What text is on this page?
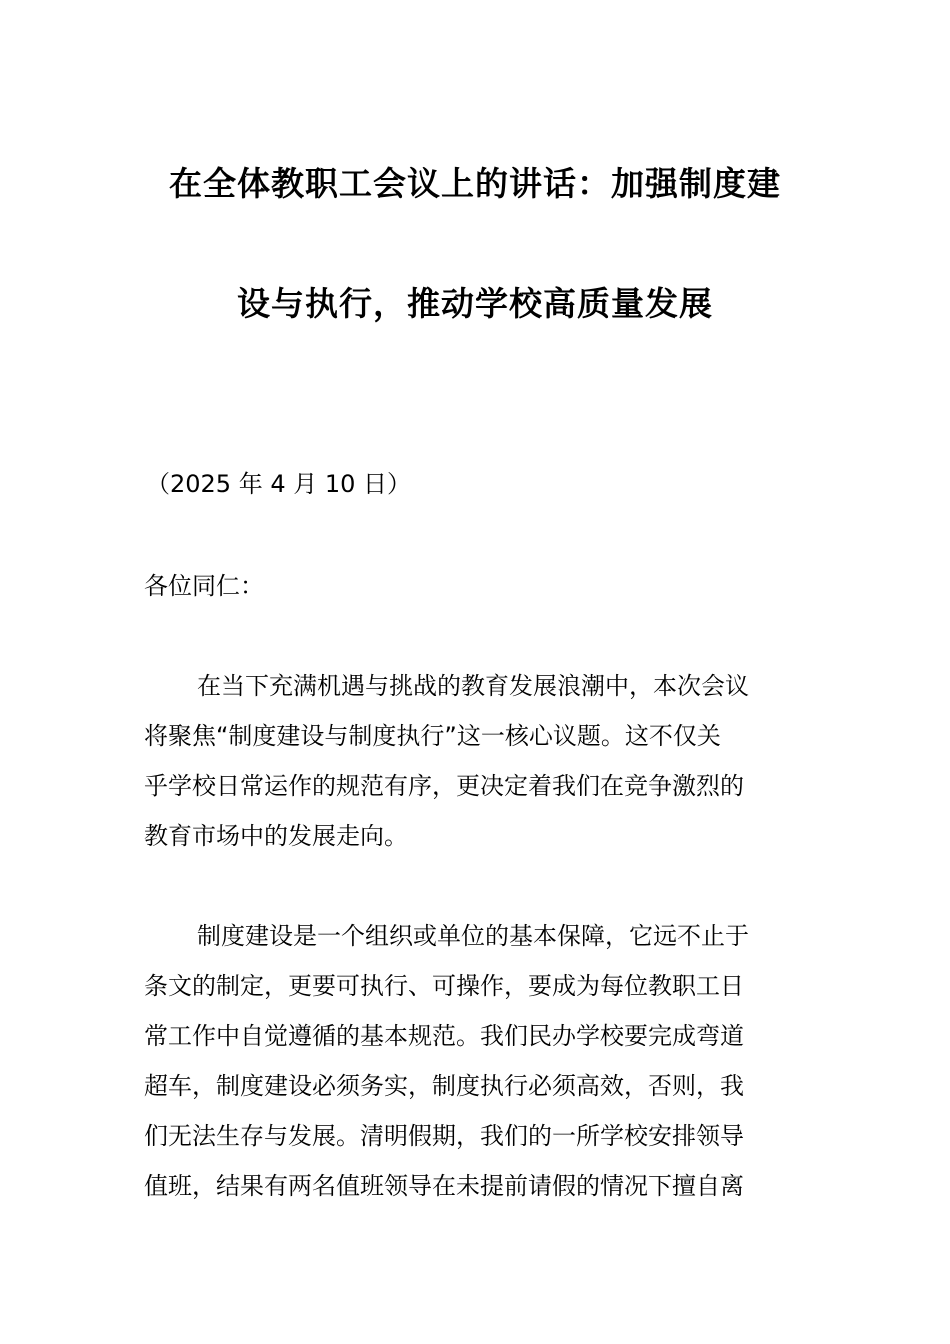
在全体教职工会议上的讲话：加强制度建
设与执行，推动学校高质量发展
（2025 年 4 月 10 日）
各位同仁：
在当下充满机遇与挑战的教育发展浪潮中，本次会议
将聚焦“制度建设与制度执行”这一核心议题。这不仅关
乎学校日常运作的规范有序，更决定着我们在竞争激烈的
教育市场中的发展走向。
制度建设是一个组织或单位的基本保障，它远不止于
条文的制定，更要可执行、可操作，要成为每位教职工日
常工作中自觉遵循的基本规范。我们民办学校要完成弯道
超车，制度建设必须务实，制度执行必须高效，否则，我
们无法生存与发展。清明假期，我们的一所学校安排领导
值班，结果有两名值班领导在未提前请假的情况下擅自离
